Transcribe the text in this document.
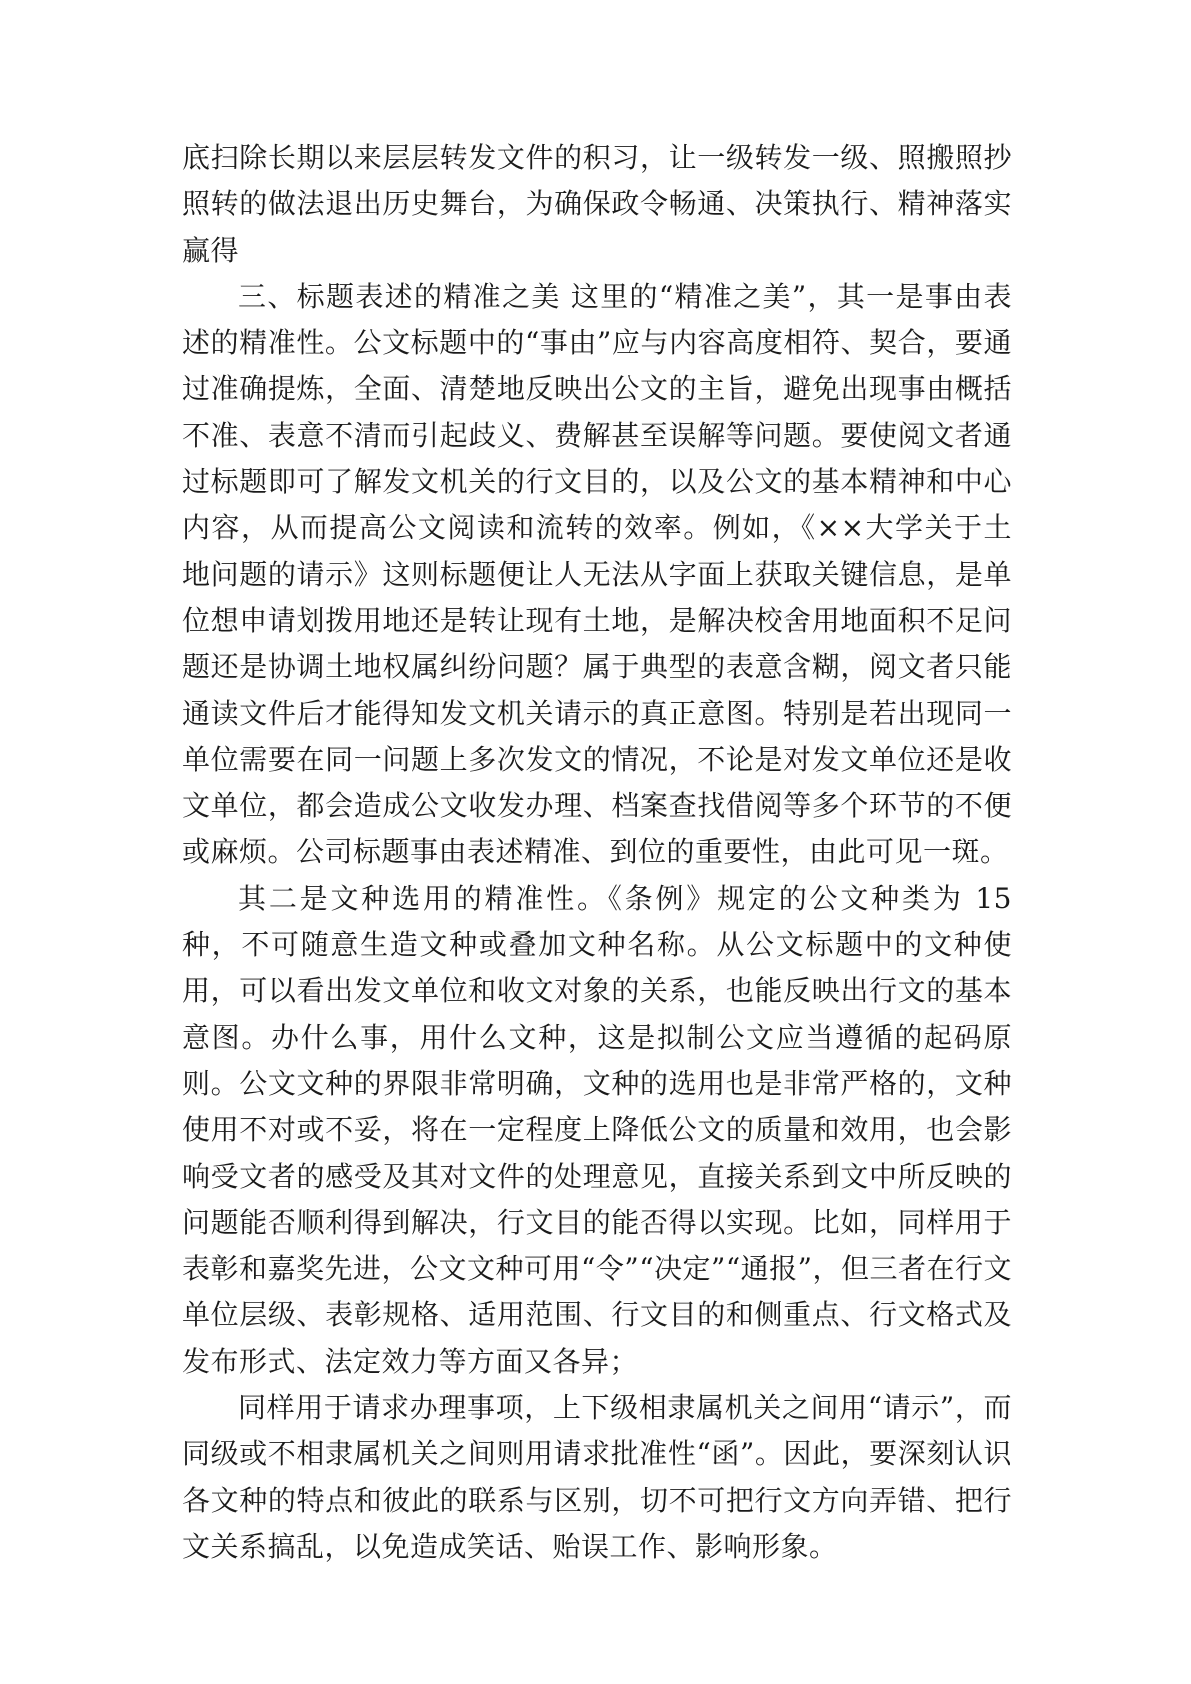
底扫除长期以来层层转发文件的积习，让一级转发一级、照搬照抄照转的做法退出历史舞台，为确保政令畅通、决策执行、精神落实赢得

三、标题表述的精准之美 这里的“精准之美”，其一是事由表述的精准性。公文标题中的“事由”应与内容高度相符、契合，要通过准确提炼，全面、清楚地反映出公文的主旨，避免出现事由概括不准、表意不清而引起歧义、费解甚至误解等问题。要使阅文者通过标题即可了解发文机关的行文目的，以及公文的基本精神和中心内容，从而提高公文阅读和流转的效率。例如，《××大学关于土地问题的请示》这则标题便让人无法从字面上获取关键信息，是单位想申请划拨用地还是转让现有土地，是解决校舍用地面积不足问题还是协调土地权属纠纷问题？属于典型的表意含糊，阅文者只能通读文件后才能得知发文机关请示的真正意图。特别是若出现同一单位需要在同一问题上多次发文的情况，不论是对发文单位还是收文单位，都会造成公文收发办理、档案查找借阅等多个环节的不便或麻烦。公司标题事由表述精准、到位的重要性，由此可见一斑。

其二是文种选用的精准性。《条例》规定的公文种类为 15 种，不可随意生造文种或叠加文种名称。从公文标题中的文种使用，可以看出发文单位和收文对象的关系，也能反映出行文的基本意图。办什么事，用什么文种，这是拟制公文应当遵循的起码原则。公文文种的界限非常明确，文种的选用也是非常严格的，文种使用不对或不妥，将在一定程度上降低公文的质量和效用，也会影响受文者的感受及其对文件的处理意见，直接关系到文中所反映的问题能否顺利得到解决，行文目的能否得以实现。比如，同样用于表彰和嘉奖先进，公文文种可用“令”“决定”“通报”，但三者在行文单位层级、表彰规格、适用范围、行文目的和侧重点、行文格式及发布形式、法定效力等方面又各异；

同样用于请求办理事项，上下级相隶属机关之间用“请示”，而同级或不相隶属机关之间则用请求批准性“函”。因此，要深刻认识各文种的特点和彼此的联系与区别，切不可把行文方向弄错、把行文关系搞乱，以免造成笑话、贻误工作、影响形象。
